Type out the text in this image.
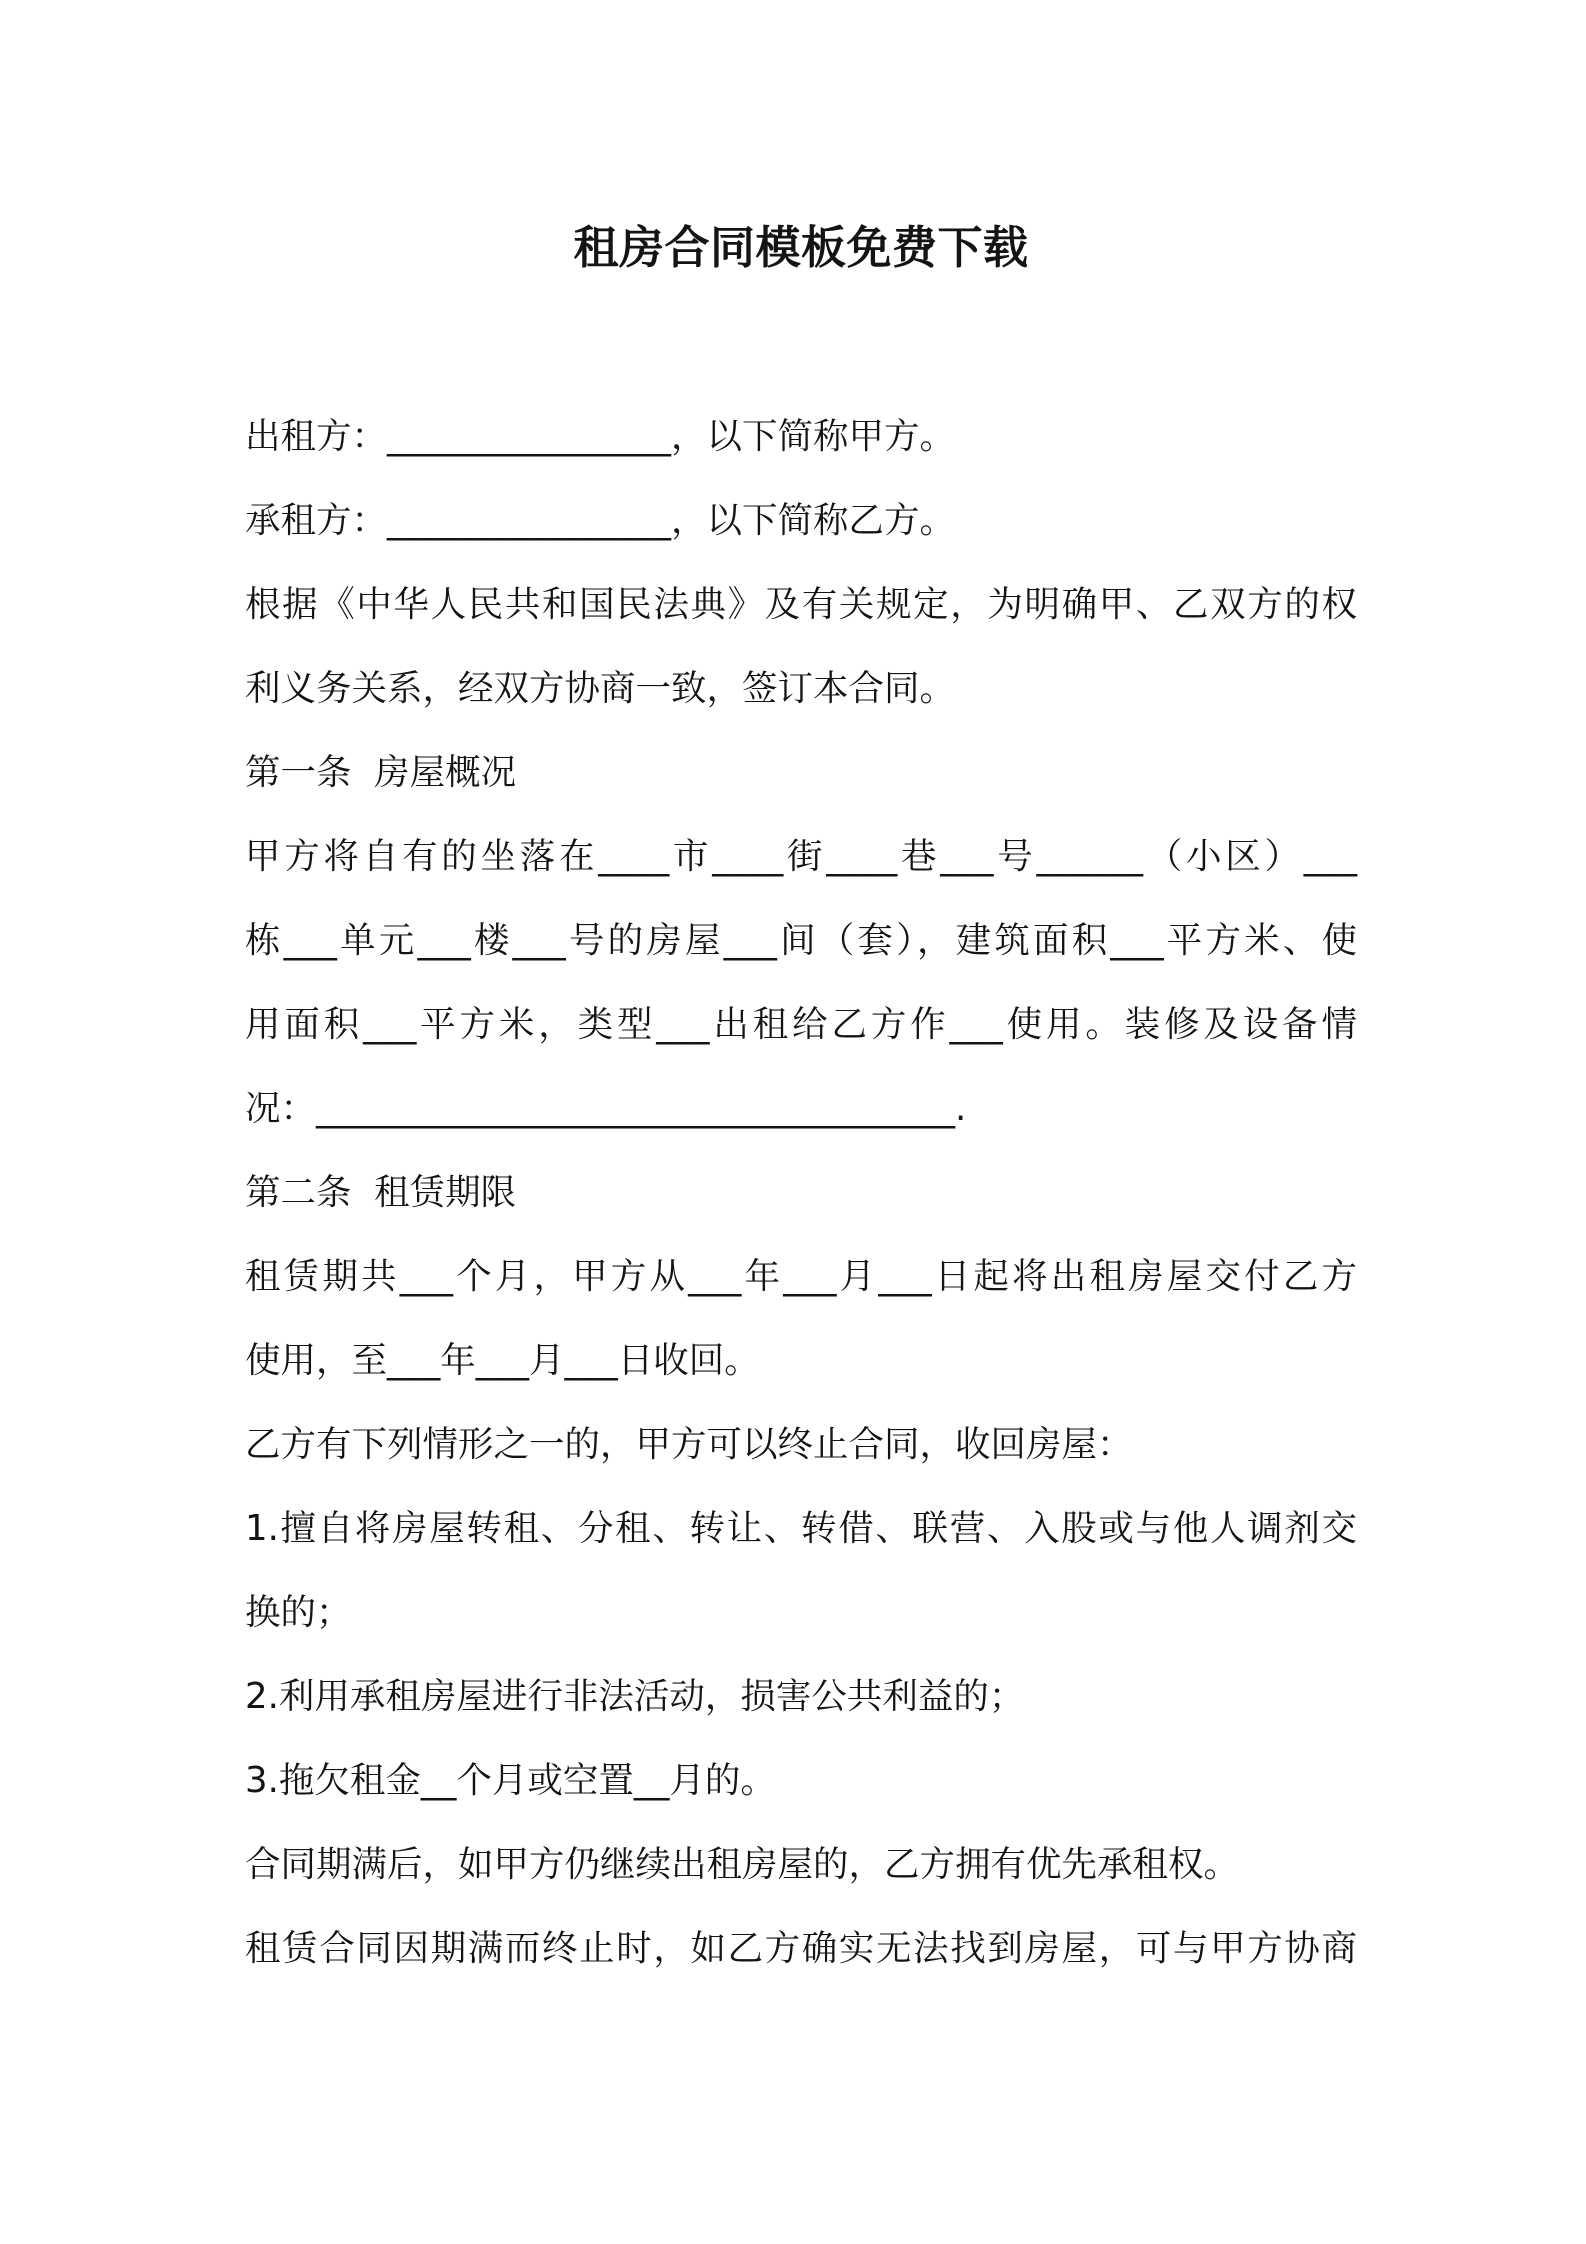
租房合同模板免费下载
出租方：________________，以下简称甲方。
承租方：________________，以下简称乙方。
根据《中华人民共和国民法典》及有关规定，为明确甲、乙双方的权
利义务关系，经双方协商一致，签订本合同。
第一条  房屋概况
甲方将自有的坐落在____市____街____巷___号______（小区）___
栋___单元___楼___号的房屋___间（套），建筑面积___平方米、使
用面积___平方米，类型___出租给乙方作___使用。装修及设备情
况：____________________________________.
第二条  租赁期限
租赁期共___个月，甲方从___年___月___日起将出租房屋交付乙方
使用，至___年___月___日收回。
乙方有下列情形之一的，甲方可以终止合同，收回房屋：
1.擅自将房屋转租、分租、转让、转借、联营、入股或与他人调剂交
换的；
2.利用承租房屋进行非法活动，损害公共利益的；
3.拖欠租金__个月或空置__月的。
合同期满后，如甲方仍继续出租房屋的，乙方拥有优先承租权。
租赁合同因期满而终止时，如乙方确实无法找到房屋，可与甲方协商
